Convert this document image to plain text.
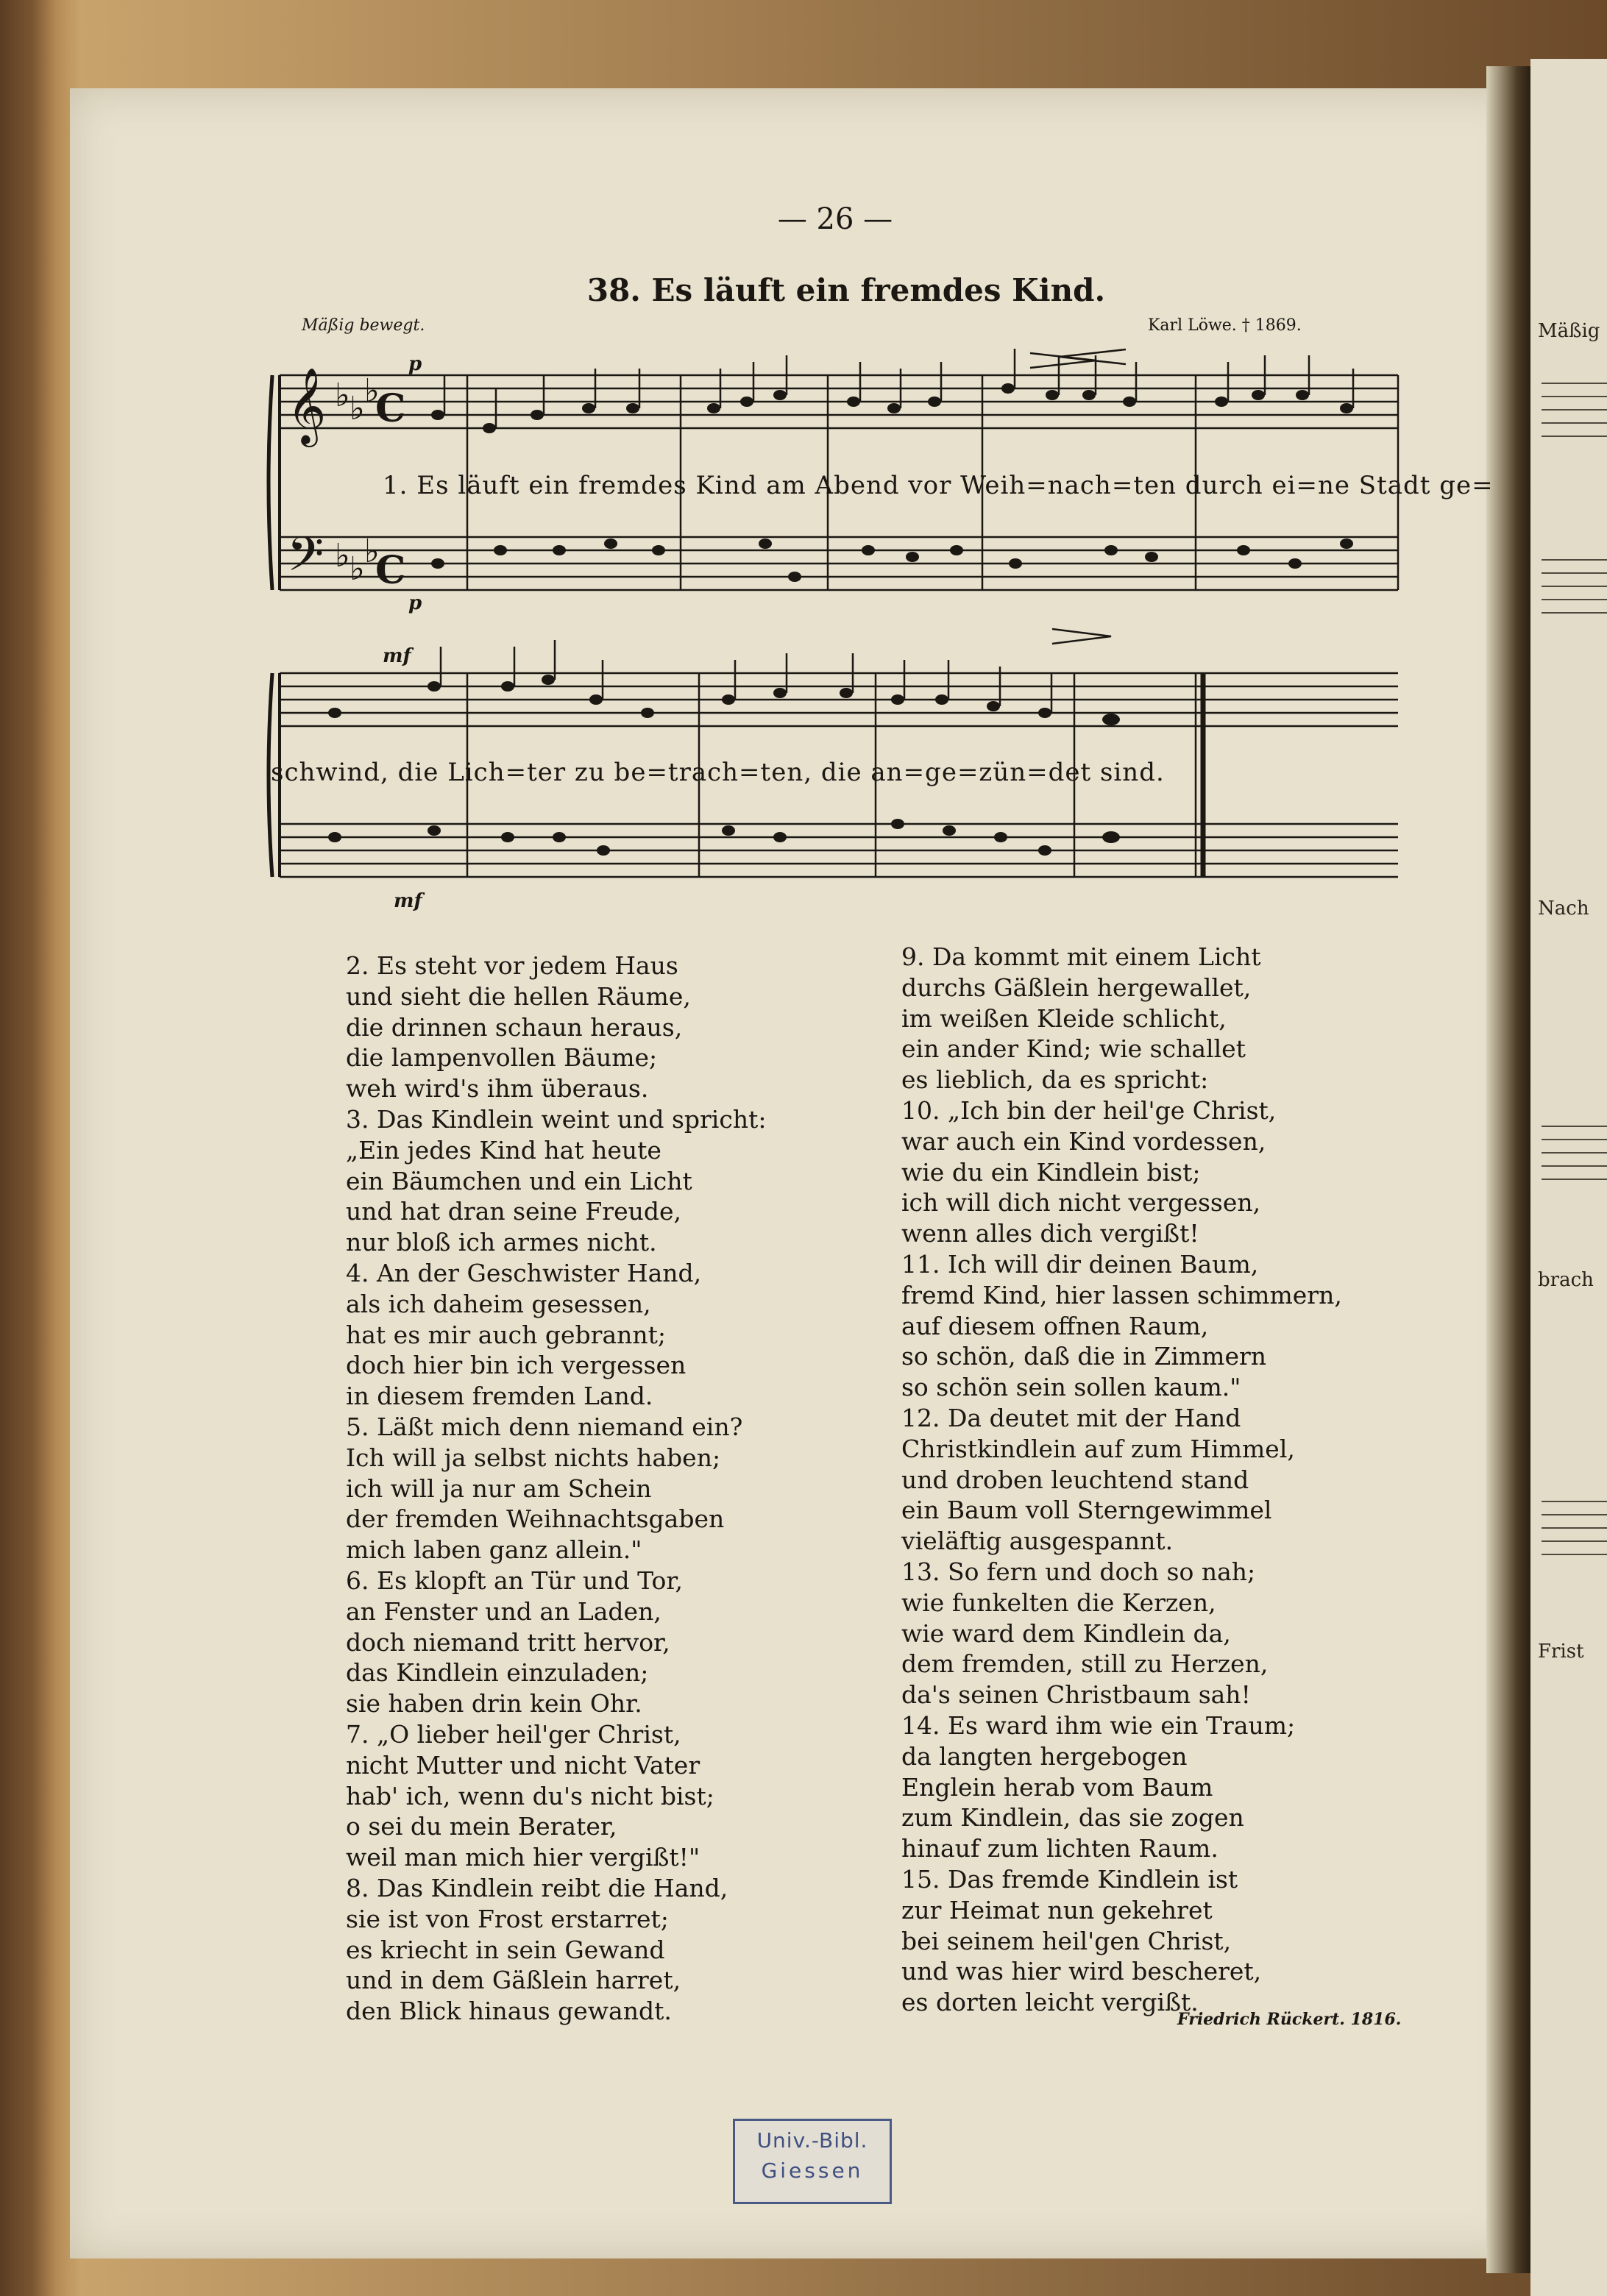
Mäßig
Nach
brach
Frist
— 26 —
38. Es läuft ein fremdes Kind.
Mäßig bewegt.	Karl Löwe. † 1869.
𝄞 ♭ ♭ ♭
C
𝄢 ♭ ♭ ♭
C
p
p
mf
mf
1. Es läuft ein fremdes Kind am Abend vor Weih=nach=ten durch ei=ne Stadt ge=
schwind, die Lich=ter zu be=trach=ten, die an=ge=zün=det sind.
2. Es steht vor jedem Haus
und sieht die hellen Räume,
die drinnen schaun heraus,
die lampenvollen Bäume;
weh wird's ihm überaus.
3. Das Kindlein weint und spricht:
„Ein jedes Kind hat heute
ein Bäumchen und ein Licht
und hat dran seine Freude,
nur bloß ich armes nicht.
4. An der Geschwister Hand,
als ich daheim gesessen,
hat es mir auch gebrannt;
doch hier bin ich vergessen
in diesem fremden Land.
5. Läßt mich denn niemand ein?
Ich will ja selbst nichts haben;
ich will ja nur am Schein
der fremden Weihnachtsgaben
mich laben ganz allein."
6. Es klopft an Tür und Tor,
an Fenster und an Laden,
doch niemand tritt hervor,
das Kindlein einzuladen;
sie haben drin kein Ohr.
7. „O lieber heil'ger Christ,
nicht Mutter und nicht Vater
hab' ich, wenn du's nicht bist;
o sei du mein Berater,
weil man mich hier vergißt!"
8. Das Kindlein reibt die Hand,
sie ist von Frost erstarret;
es kriecht in sein Gewand
und in dem Gäßlein harret,
den Blick hinaus gewandt.
9. Da kommt mit einem Licht
durchs Gäßlein hergewallet,
im weißen Kleide schlicht,
ein ander Kind; wie schallet
es lieblich, da es spricht:
10. „Ich bin der heil'ge Christ,
war auch ein Kind vordessen,
wie du ein Kindlein bist;
ich will dich nicht vergessen,
wenn alles dich vergißt!
11. Ich will dir deinen Baum,
fremd Kind, hier lassen schimmern,
auf diesem offnen Raum,
so schön, daß die in Zimmern
so schön sein sollen kaum."
12. Da deutet mit der Hand
Christkindlein auf zum Himmel,
und droben leuchtend stand
ein Baum voll Sterngewimmel
vieläftig ausgespannt.
13. So fern und doch so nah;
wie funkelten die Kerzen,
wie ward dem Kindlein da,
dem fremden, still zu Herzen,
da's seinen Christbaum sah!
14. Es ward ihm wie ein Traum;
da langten hergebogen
Englein herab vom Baum
zum Kindlein, das sie zogen
hinauf zum lichten Raum.
15. Das fremde Kindlein ist
zur Heimat nun gekehret
bei seinem heil'gen Christ,
und was hier wird bescheret,
es dorten leicht vergißt.
Friedrich Rückert. 1816.
Univ.-Bibl.
Giessen
